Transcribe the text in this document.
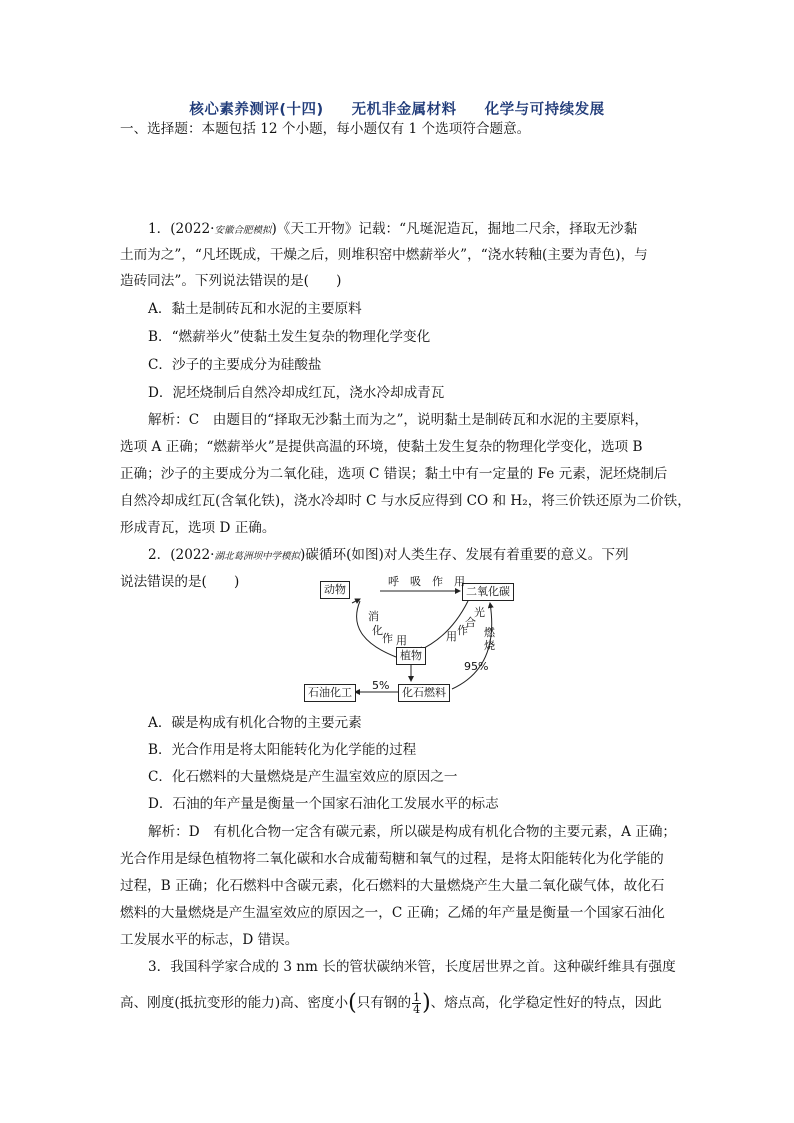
核心素养测评(十四) 无机非金属材料 化学与可持续发展
一、选择题：本题包括 12 个小题，每小题仅有 1 个选项符合题意。
1．(2022·安徽合肥模拟)《天工开物》记载：“凡埏泥造瓦，掘地二尺余，择取无沙黏
土而为之”，“凡坯既成，干燥之后，则堆积窑中燃薪举火”，“浇水转釉(主要为青色)，与
造砖同法”。下列说法错误的是(　　)
A．黏土是制砖瓦和水泥的主要原料
B．“燃薪举火”使黏土发生复杂的物理化学变化
C．沙子的主要成分为硅酸盐
D．泥坯烧制后自然冷却成红瓦，浇水冷却成青瓦
解析：C　由题目的“择取无沙黏土而为之”，说明黏土是制砖瓦和水泥的主要原料，
选项 A 正确；“燃薪举火”是提供高温的环境，使黏土发生复杂的物理化学变化，选项 B
正确；沙子的主要成分为二氧化硅，选项 C 错误；黏土中有一定量的 Fe 元素，泥坯烧制后
自然冷却成红瓦(含氧化铁)，浇水冷却时 C 与水反应得到 CO 和 H₂，将三价铁还原为二价铁，
形成青瓦，选项 D 正确。
2．(2022·湖北葛洲坝中学模拟)碳循环(如图)对人类生存、发展有着重要的意义。下列
说法错误的是(　　)	动物	二氧化碳
植物
化石燃料
石油化工
呼　吸　作　用
消
化
作 用
光
合
作
用 燃
烧
95%
5%
A．碳是构成有机化合物的主要元素
B．光合作用是将太阳能转化为化学能的过程
C．化石燃料的大量燃烧是产生温室效应的原因之一
D．石油的年产量是衡量一个国家石油化工发展水平的标志
解析：D　有机化合物一定含有碳元素，所以碳是构成有机化合物的主要元素，A 正确；
光合作用是绿色植物将二氧化碳和水合成葡萄糖和氧气的过程，是将太阳能转化为化学能的
过程，B 正确；化石燃料中含碳元素，化石燃料的大量燃烧产生大量二氧化碳气体，故化石
燃料的大量燃烧是产生温室效应的原因之一，C 正确；乙烯的年产量是衡量一个国家石油化
工发展水平的标志，D 错误。
3．我国科学家合成的 3 nm 长的管状碳纳米管，长度居世界之首。这种碳纤维具有强度
高、刚度(抵抗变形的能力)高、密度小(只有钢的 $\frac{1}{4}$ )、熔点高，化学稳定性好的特点，因此
